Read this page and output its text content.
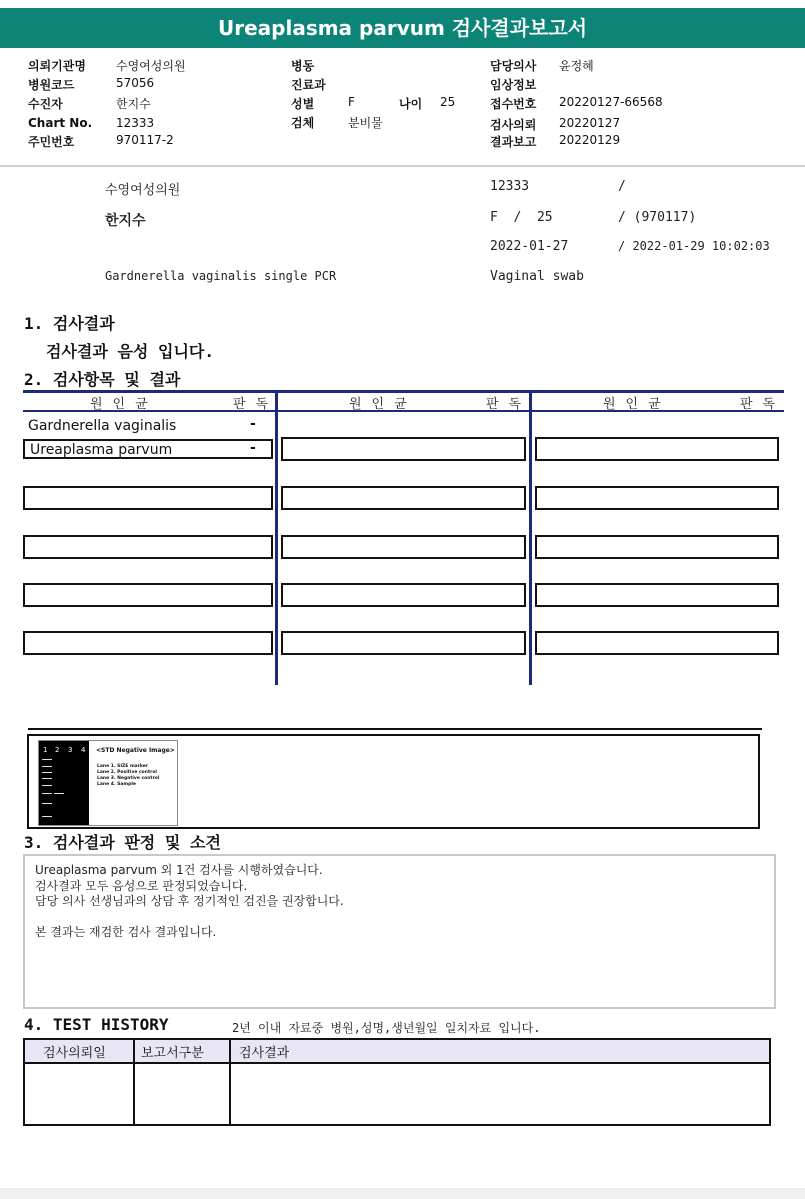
Ureaplasma parvum 검사결과보고서
의뢰기관명	수영여성의원
병원코드	57056
수진자	한지수
Chart No. 12333
주민번호	970117-2
병동
진료과
성별	F	나이 25
검체	분비물
담당의사 윤정혜
임상정보
접수번호 20220127-66568
검사의뢰 20220127
결과보고 20220129
수영여성의원	12333	/
한지수	F  /  25	/ (970117)
2022-01-27	/ 2022-01-29 10:02:03
Gardnerella vaginalis single PCR	Vaginal swab
1. 검사결과
검사결과 음성 입니다.
2. 검사항목 및 결과
원인균	판독	원인균	판독	원인균	판독
Gardnerella vaginalis	-
Ureaplasma parvum	-
1 2 3 4 <STD Negative Image>
Lane 1. SIZE marker
Lane 2. Positive control
Lane 3. Negative control
Lane 4. Sample
3. 검사결과 판정 및 소견
Ureaplasma parvum 외 1건 검사를 시행하였습니다.
검사결과 모두 음성으로 판정되었습니다.
담당 의사 선생님과의 상담 후 정기적인 검진을 권장합니다.
본 결과는 재검한 검사 결과입니다.
4. TEST HISTORY	2년 이내 자료중 병원,성명,생년월일 일치자료 입니다.
검사의뢰일	보고서구분	검사결과
